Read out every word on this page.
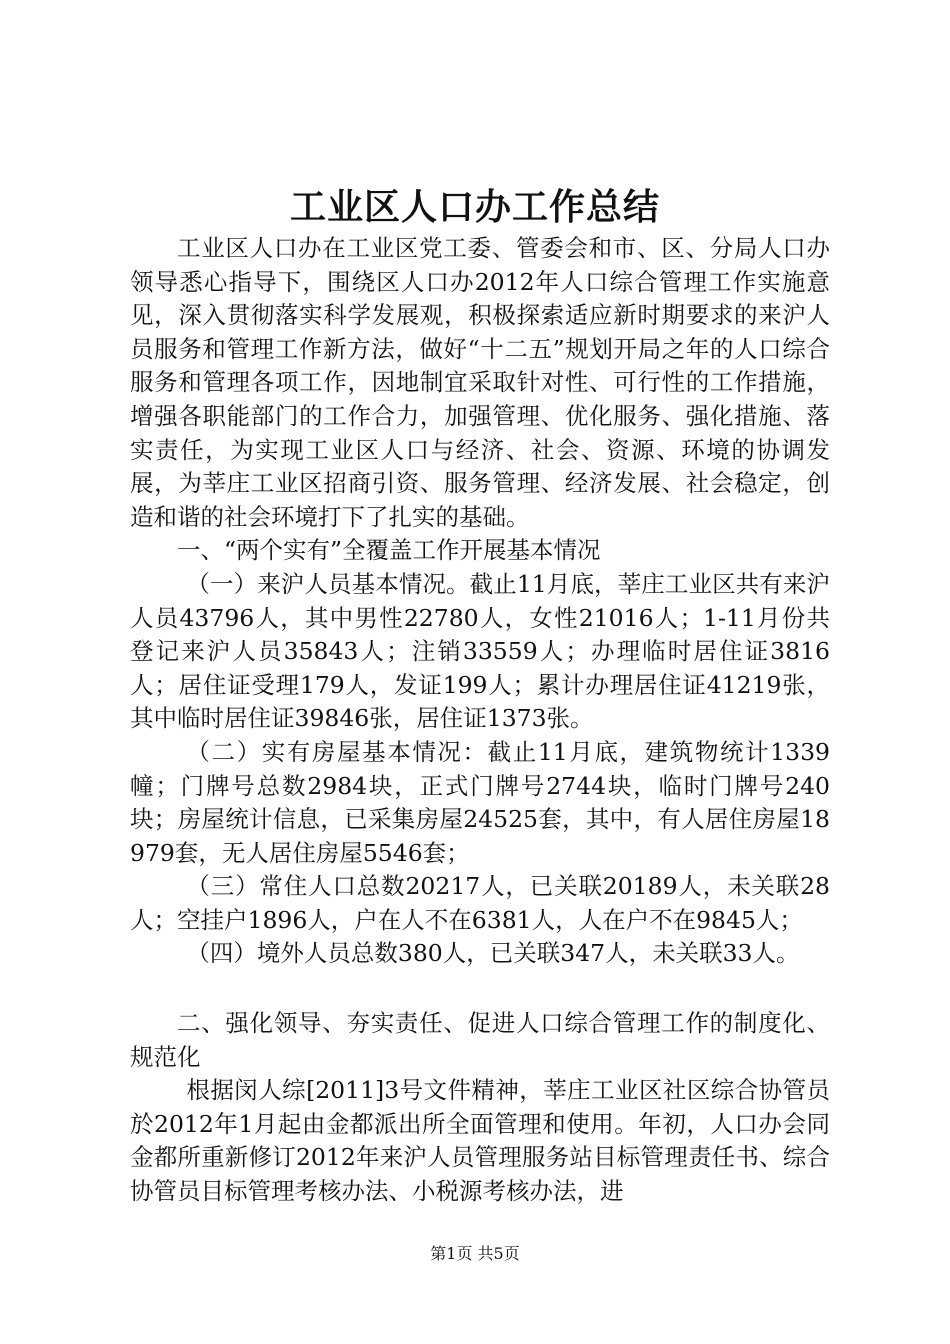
工业区人口办工作总结

工业区人口办在工业区党工委、管委会和市、区、分局人口办领导悉心指导下，围绕区人口办2012年人口综合管理工作实施意见，深入贯彻落实科学发展观，积极探索适应新时期要求的来沪人员服务和管理工作新方法，做好“十二五”规划开局之年的人口综合服务和管理各项工作，因地制宜采取针对性、可行性的工作措施，增强各职能部门的工作合力，加强管理、优化服务、强化措施、落实责任，为实现工业区人口与经济、社会、资源、环境的协调发展，为莘庄工业区招商引资、服务管理、经济发展、社会稳定，创造和谐的社会环境打下了扎实的基础。

一、“两个实有”全覆盖工作开展基本情况

（一）来沪人员基本情况。截止11月底，莘庄工业区共有来沪人员43796人，其中男性22780人，女性21016人；1-11月份共登记来沪人员35843人；注销33559人；办理临时居住证3816人；居住证受理179人，发证199人；累计办理居住证41219张，其中临时居住证39846张，居住证1373张。

（二）实有房屋基本情况：截止11月底，建筑物统计1339幢；门牌号总数2984块，正式门牌号2744块，临时门牌号240块；房屋统计信息，已采集房屋24525套，其中，有人居住房屋18979套，无人居住房屋5546套；

（三）常住人口总数20217人，已关联20189人，未关联28人；空挂户1896人，户在人不在6381人，人在户不在9845人；

（四）境外人员总数380人，已关联347人，未关联33人。

二、强化领导、夯实责任、促进人口综合管理工作的制度化、规范化

根据闵人综[2011]3号文件精神，莘庄工业区社区综合协管员於2012年1月起由金都派出所全面管理和使用。年初，人口办会同金都所重新修订2012年来沪人员管理服务站目标管理责任书、综合协管员目标管理考核办法、小税源考核办法，进

第1页 共5页
